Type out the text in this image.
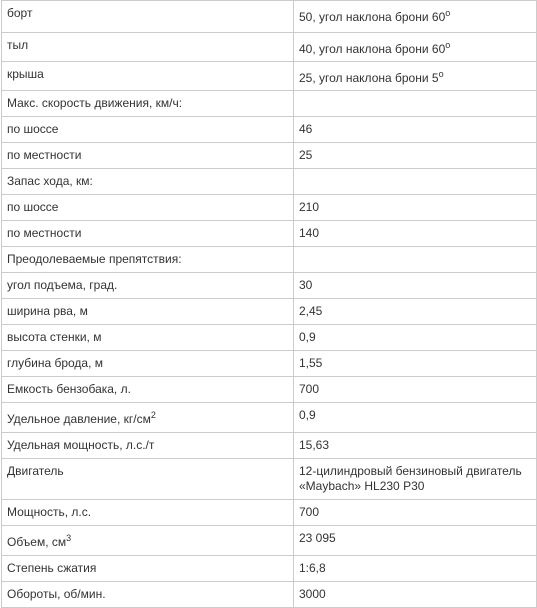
борт	50, угол наклона брони $60^о$
тыл	40, угол наклона брони $60^о$
крыша	25, угол наклона брони $5^о$
Макс. скорость движения, км/ч:	
по шоссе	46
по местности	25
Запас хода, км:	
по шоссе	210
по местности	140
Преодолеваемые препятствия:	
угол подъема, град.	30
ширина рва, м	2,45
высота стенки, м	0,9
глубина брода, м	1,55
Емкость бензобака, л.	700
Удельное давление, $кг/см^2$	0,9
Удельная мощность, л.с./т	15,63
Двигатель	12-цилиндровый бензиновый двигатель «Maybach» HL230 P30
Мощность, л.с.	700
Объем, $см^3$	23 095
Степень сжатия	1:6,8
Обороты, об/мин.	3000
